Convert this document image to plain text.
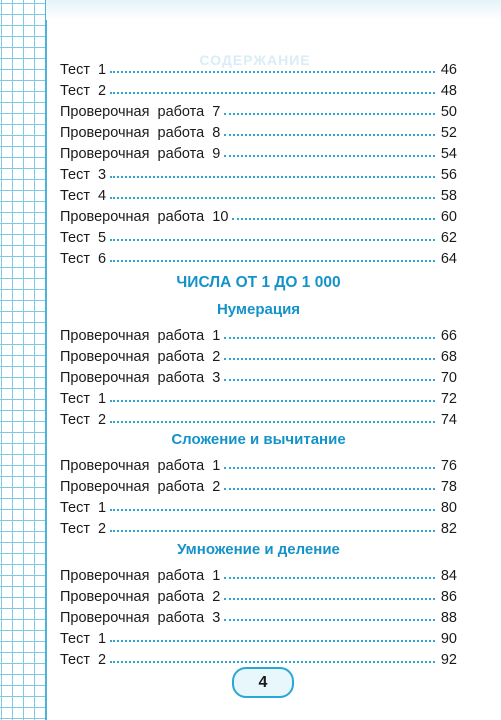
СОДЕРЖАНИЕ
Тест  1	46
Тест  2	48
Проверочная  работа  7	50
Проверочная  работа  8	52
Проверочная  работа  9	54
Тест  3	56
Тест  4	58
Проверочная  работа  10	60
Тест  5	62
Тест  6	64
ЧИСЛА ОТ 1 ДО 1 000
Нумерация
Проверочная  работа  1	66
Проверочная  работа  2	68
Проверочная  работа  3	70
Тест  1	72
Тест  2	74
Сложение и вычитание
Проверочная  работа  1	76
Проверочная  работа  2	78
Тест  1	80
Тест  2	82
Умножение и деление
Проверочная  работа  1	84
Проверочная  работа  2	86
Проверочная  работа  3	88
Тест  1	90
Тест  2	92
4
